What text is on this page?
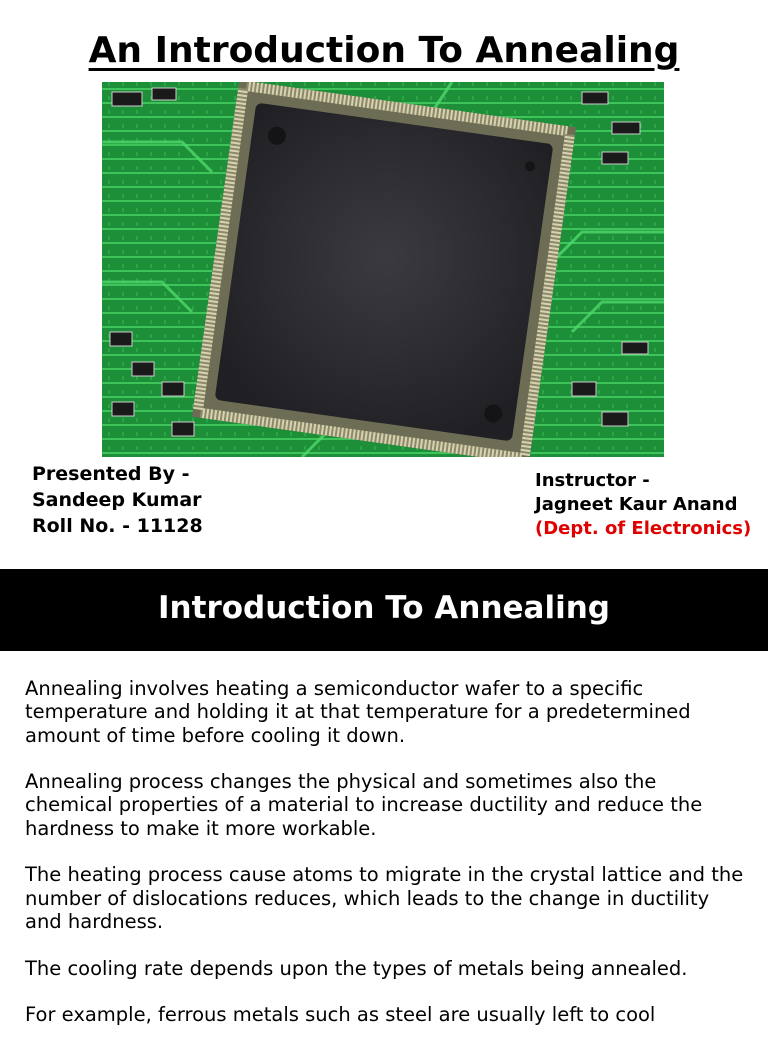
An Introduction To Annealing
Presented By -
Sandeep Kumar
Roll No. - 11128
Instructor -
Jagneet Kaur Anand
(Dept. of Electronics)
Introduction To Annealing

Annealing involves heating a semiconductor wafer to a specific temperature and holding it at that temperature for a predetermined amount of time before cooling it down.

Annealing process changes the physical and sometimes also the chemical properties of a material to increase ductility and reduce the hardness to make it more workable.

The heating process cause atoms to migrate in the crystal lattice and the number of dislocations reduces, which leads to the change in ductility and hardness.

The cooling rate depends upon the types of metals being annealed.

For example, ferrous metals such as steel are usually left to cool
